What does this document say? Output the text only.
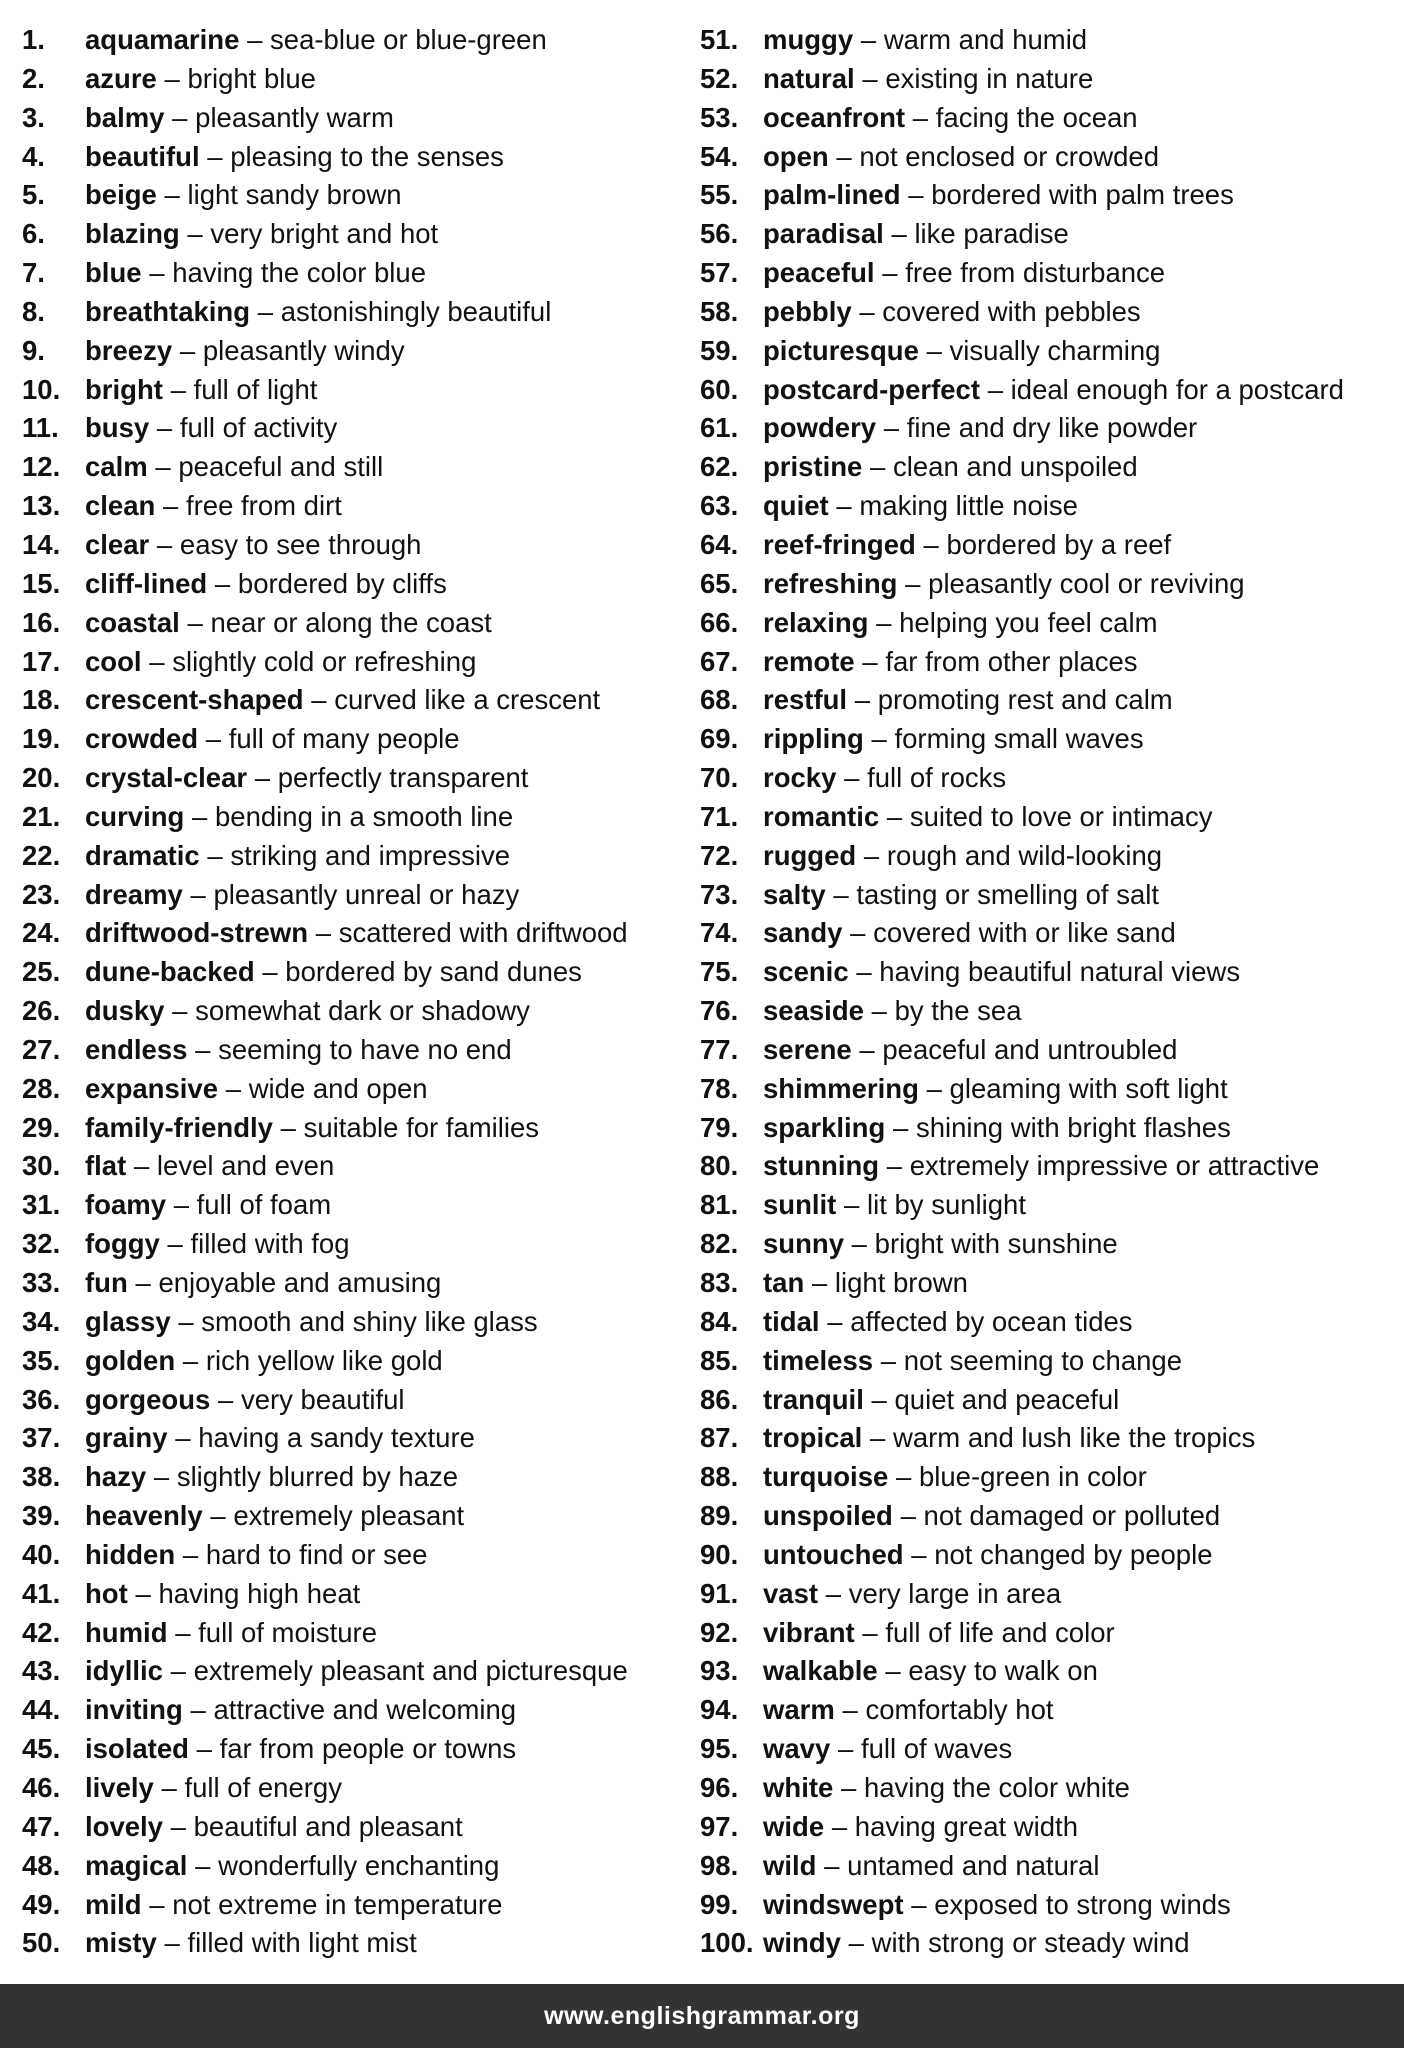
1.	aquamarine – sea-blue or blue-green
2.	azure – bright blue
3.	balmy – pleasantly warm
4.	beautiful – pleasing to the senses
5.	beige – light sandy brown
6.	blazing – very bright and hot
7.	blue – having the color blue
8.	breathtaking – astonishingly beautiful
9.	breezy – pleasantly windy
10. bright – full of light
11. busy – full of activity
12. calm – peaceful and still
13. clean – free from dirt
14. clear – easy to see through
15. cliff-lined – bordered by cliffs
16. coastal – near or along the coast
17. cool – slightly cold or refreshing
18. crescent-shaped – curved like a crescent
19. crowded – full of many people
20. crystal-clear – perfectly transparent
21. curving – bending in a smooth line
22. dramatic – striking and impressive
23. dreamy – pleasantly unreal or hazy
24. driftwood-strewn – scattered with driftwood
25. dune-backed – bordered by sand dunes
26. dusky – somewhat dark or shadowy
27. endless – seeming to have no end
28. expansive – wide and open
29. family-friendly – suitable for families
30. flat – level and even
31. foamy – full of foam
32. foggy – filled with fog
33. fun – enjoyable and amusing
34. glassy – smooth and shiny like glass
35. golden – rich yellow like gold
36. gorgeous – very beautiful
37. grainy – having a sandy texture
38. hazy – slightly blurred by haze
39. heavenly – extremely pleasant
40. hidden – hard to find or see
41. hot – having high heat
42. humid – full of moisture
43. idyllic – extremely pleasant and picturesque
44. inviting – attractive and welcoming
45. isolated – far from people or towns
46. lively – full of energy
47. lovely – beautiful and pleasant
48. magical – wonderfully enchanting
49. mild – not extreme in temperature
50. misty – filled with light mist
51. muggy – warm and humid
52. natural – existing in nature
53. oceanfront – facing the ocean
54. open – not enclosed or crowded
55. palm-lined – bordered with palm trees
56. paradisal – like paradise
57. peaceful – free from disturbance
58. pebbly – covered with pebbles
59. picturesque – visually charming
60. postcard-perfect – ideal enough for a postcard
61. powdery – fine and dry like powder
62. pristine – clean and unspoiled
63. quiet – making little noise
64. reef-fringed – bordered by a reef
65. refreshing – pleasantly cool or reviving
66. relaxing – helping you feel calm
67. remote – far from other places
68. restful – promoting rest and calm
69. rippling – forming small waves
70. rocky – full of rocks
71. romantic – suited to love or intimacy
72. rugged – rough and wild-looking
73. salty – tasting or smelling of salt
74. sandy – covered with or like sand
75. scenic – having beautiful natural views
76. seaside – by the sea
77. serene – peaceful and untroubled
78. shimmering – gleaming with soft light
79. sparkling – shining with bright flashes
80. stunning – extremely impressive or attractive
81. sunlit – lit by sunlight
82. sunny – bright with sunshine
83. tan – light brown
84. tidal – affected by ocean tides
85. timeless – not seeming to change
86. tranquil – quiet and peaceful
87. tropical – warm and lush like the tropics
88. turquoise – blue-green in color
89. unspoiled – not damaged or polluted
90. untouched – not changed by people
91. vast – very large in area
92. vibrant – full of life and color
93. walkable – easy to walk on
94. warm – comfortably hot
95. wavy – full of waves
96. white – having the color white
97. wide – having great width
98. wild – untamed and natural
99. windswept – exposed to strong winds
100. windy – with strong or steady wind
www.englishgrammar.org
